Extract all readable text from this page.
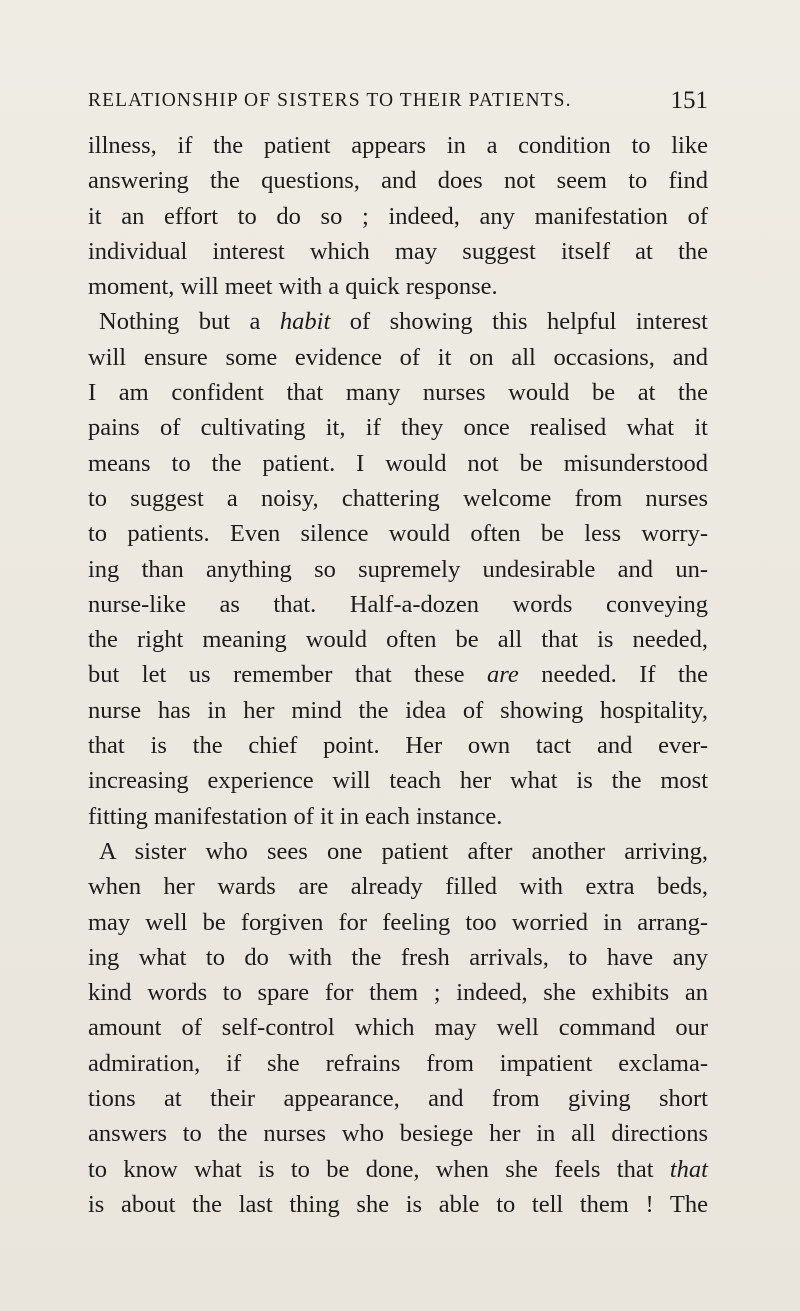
RELATIONSHIP OF SISTERS TO THEIR PATIENTS.	151
illness, if the patient appears in a condition to like
answering the questions, and does not seem to find
it an effort to do so ; indeed, any manifestation of
individual interest which may suggest itself at the
moment, will meet with a quick response.
Nothing but a habit of showing this helpful interest
will ensure some evidence of it on all occasions, and
I am confident that many nurses would be at the
pains of cultivating it, if they once realised what it
means to the patient. I would not be misunderstood
to suggest a noisy, chattering welcome from nurses
to patients. Even silence would often be less worry-
ing than anything so supremely undesirable and un-
nurse-like as that. Half-a-dozen words conveying
the right meaning would often be all that is needed,
but let us remember that these are needed. If the
nurse has in her mind the idea of showing hospitality,
that is the chief point. Her own tact and ever-
increasing experience will teach her what is the most
fitting manifestation of it in each instance.
A sister who sees one patient after another arriving,
when her wards are already filled with extra beds,
may well be forgiven for feeling too worried in arrang-
ing what to do with the fresh arrivals, to have any
kind words to spare for them ; indeed, she exhibits an
amount of self-control which may well command our
admiration, if she refrains from impatient exclama-
tions at their appearance, and from giving short
answers to the nurses who besiege her in all directions
to know what is to be done, when she feels that that
is about the last thing she is able to tell them ! The
